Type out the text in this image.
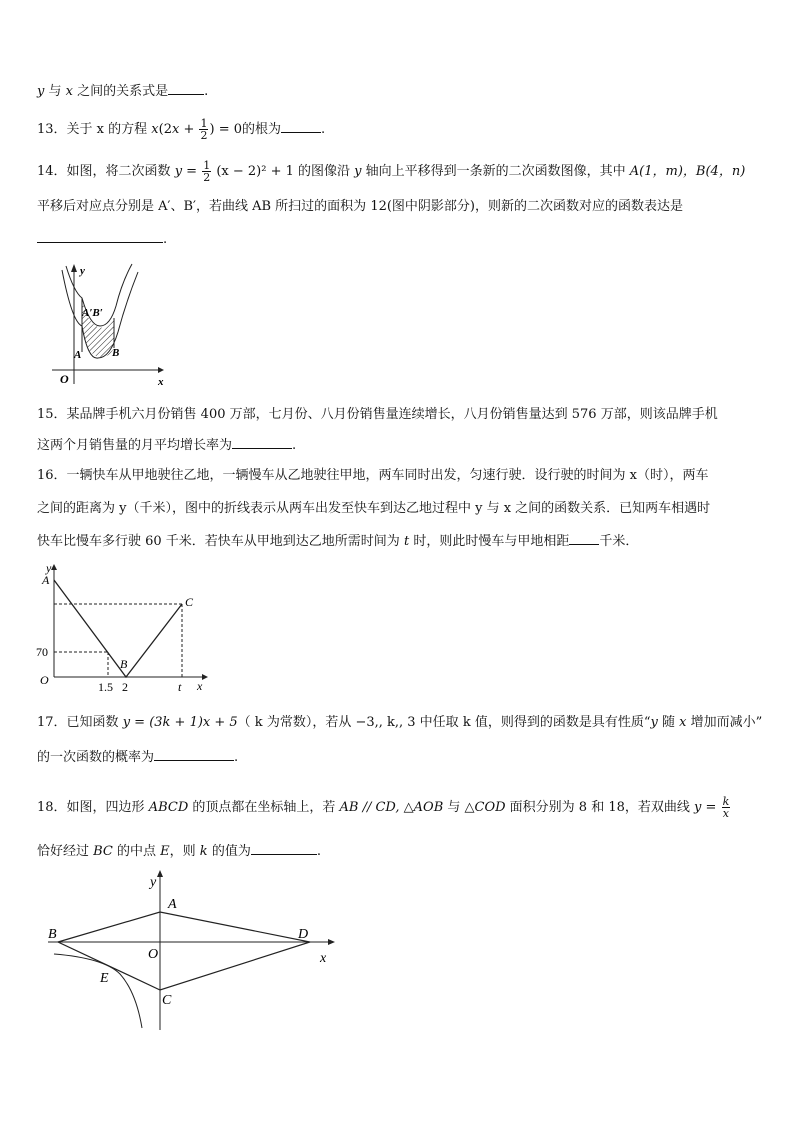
y 与 x 之间的关系式是	.
13．关于 x 的方程 $x(2x + \frac{1}{2}$ ) = 0的根为	.
14．如图，将二次函数 $y = \frac{1}{2} (x - 2)^2 + 1$ 的图像沿 y 轴向上平移得到一条新的二次函数图像，其中 A(1，m)，B(4，n)
平移后对应点分别是 A′、B′，若曲线 AB 所扫过的面积为 12(图中阴影部分)，则新的二次函数对应的函数表达是
.
A′B′
A	B
O	x
y
15．某品牌手机六月份销售 400 万部，七月份、八月份销售量连续增长，八月份销售量达到 576 万部，则该品牌手机
这两个月销售量的月平均增长率为	.
16．一辆快车从甲地驶往乙地，一辆慢车从乙地驶往甲地，两车同时出发，匀速行驶．设行驶的时间为 x（时），两车
之间的距离为 y（千米），图中的折线表示从两车出发至快车到达乙地过程中 y 与 x 之间的函数关系．已知两车相遇时
快车比慢车多行驶 60 千米．若快车从甲地到达乙地所需时间为 t 时，则此时慢车与甲地相距 千米．
y
A
C
B
O	x
70
1.5 2	t
17．已知函数 y = (3k + 1)x + 5（ k 为常数），若从 −3,, k,, 3 中任取 k 值，则得到的函数是具有性质“y 随 x 增加而减小”
的一次函数的概率为	.
18．如图，四边形 ABCD 的顶点都在坐标轴上，若 AB // CD, △AOB 与 △COD 面积分别为 8 和 18，若双曲线 $y = \frac{k}{x}$
恰好经过 BC 的中点 E，则 k 的值为	.
y
A
B	D
O	x
E
C
